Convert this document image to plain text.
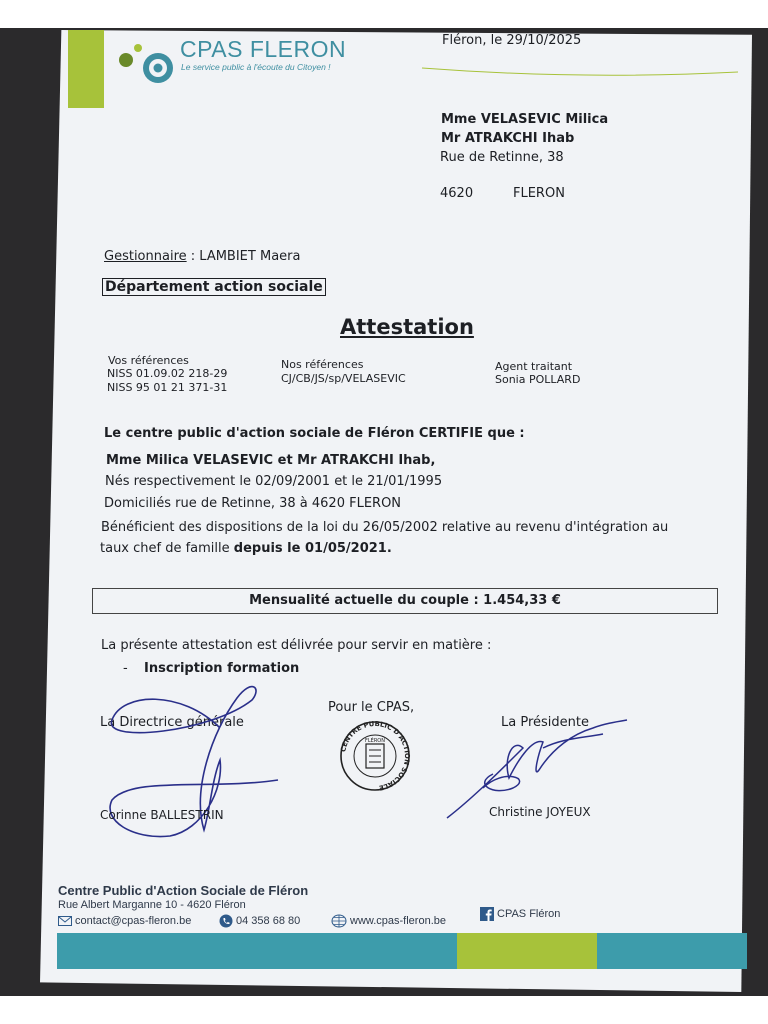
CPAS FLERON
Le service public à l'écoute du Citoyen !
Fléron, le 29/10/2025
Mme VELASEVIC Milica
Mr ATRAKCHI Ihab
Rue de Retinne, 38
4620	FLERON
Gestionnaire : LAMBIET Maera
Département action sociale
Attestation
Vos références
NISS 01.09.02 218-29
NISS 95 01 21 371-31
Nos références
CJ/CB/JS/sp/VELASEVIC
Agent traitant
Sonia POLLARD
Le centre public d'action sociale de Fléron CERTIFIE que :
Mme Milica VELASEVIC et Mr ATRAKCHI Ihab,
Nés respectivement le 02/09/2001 et le 21/01/1995
Domiciliés rue de Retinne, 38 à 4620 FLERON
Bénéficient des dispositions de la loi du 26/05/2002 relative au revenu d'intégration au
taux chef de famille depuis le 01/05/2021.
Mensualité actuelle du couple : 1.454,33 €
La présente attestation est délivrée pour servir en matière :
- Inscription formation
La Directrice générale
Pour le CPAS,
La Présidente
CENTRE PUBLIC D'ACTION SOCIALE
FLÉRON
Corinne BALLESTRIN	Christine JOYEUX
Centre Public d'Action Sociale de Fléron
Rue Albert Marganne 10 - 4620 Fléron
contact@cpas-fleron.be	04 358 68 80	www.cpas-fleron.be
CPAS Fléron
